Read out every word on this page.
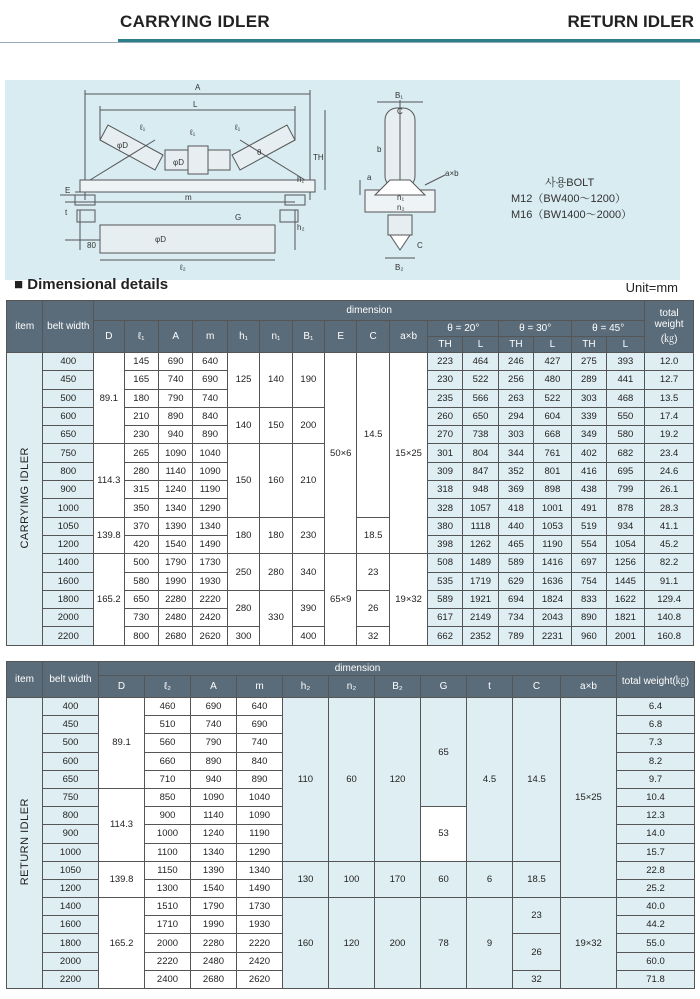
CARRYING IDLER	RETURN IDLER
A
L
ℓ₁
ℓ₁
ℓ₁
φD
φD
θ
TH
h₁
E
m
G
t
h₂
80
φD
ℓ₂
B₁
C
b
a	a×b
n₁
n₂
C
B₂
사용BOLT
M12（BW400～1200）
M16（BW1400～2000）
■ Dimensional details	Unit=mm
item	belt width	dimension																total weight
(㎏)
		D	ℓ₁	A	m	h₁	n₁	B₁	E	C	a×b	θ = 20°		θ = 30°		θ = 45°		
												TH	L	TH	L	TH	L	
CARRYIMG IDLER	400	89.1	145	690	640	125	140	190	50×6	14.5	15×25	223	464	246	427	275	393	12.0
	450		165	740	690							230	522	256	480	289	441	12.7
	500		180	790	740							235	566	263	522	303	468	13.5
	600		210	890	840	140	150	200				260	650	294	604	339	550	17.4
	650		230	940	890							270	738	303	668	349	580	19.2
	750	114.3	265	1090	1040	150	160	210				301	804	344	761	402	682	23.4
	800		280	1140	1090							309	847	352	801	416	695	24.6
	900		315	1240	1190							318	948	369	898	438	799	26.1
	1000		350	1340	1290							328	1057	418	1001	491	878	28.3
	1050	139.8	370	1390	1340	180	180	230		18.5		380	1118	440	1053	519	934	41.1
	1200		420	1540	1490							398	1262	465	1190	554	1054	45.2
	1400	165.2	500	1790	1730	250	280	340	65×9	23	19×32	508	1489	589	1416	697	1256	82.2
	1600		580	1990	1930							535	1719	629	1636	754	1445	91.1
	1800		650	2280	2220	280	330	390		26		589	1921	694	1824	833	1622	129.4
	2000		730	2480	2420							617	2149	734	2043	890	1821	140.8
	2200		800	2680	2620	300		400		32		662	2352	789	2231	960	2001	160.8
item	belt width	dimension											total weight(㎏)
		D	ℓ₂	A	m	h₂	n₂	B₂	G	t	C	a×b	
RETURN IDLER	400	89.1	460	690	640	110	60	120	65	4.5	14.5	15×25	6.4
	450		510	740	690								6.8
	500		560	790	740								7.3
	600		660	890	840								8.2
	650		710	940	890								9.7
	750	114.3	850	1090	1040								10.4
	800		900	1140	1090				53				12.3
	900		1000	1240	1190								14.0
	1000		1100	1340	1290								15.7
	1050	139.8	1150	1390	1340	130	100	170	60	6	18.5		22.8
	1200		1300	1540	1490								25.2
	1400	165.2	1510	1790	1730	160	120	200	78	9	23	19×32	40.0
	1600		1710	1990	1930								44.2
	1800		2000	2280	2220						26		55.0
	2000		2220	2480	2420								60.0
	2200		2400	2680	2620						32		71.8
